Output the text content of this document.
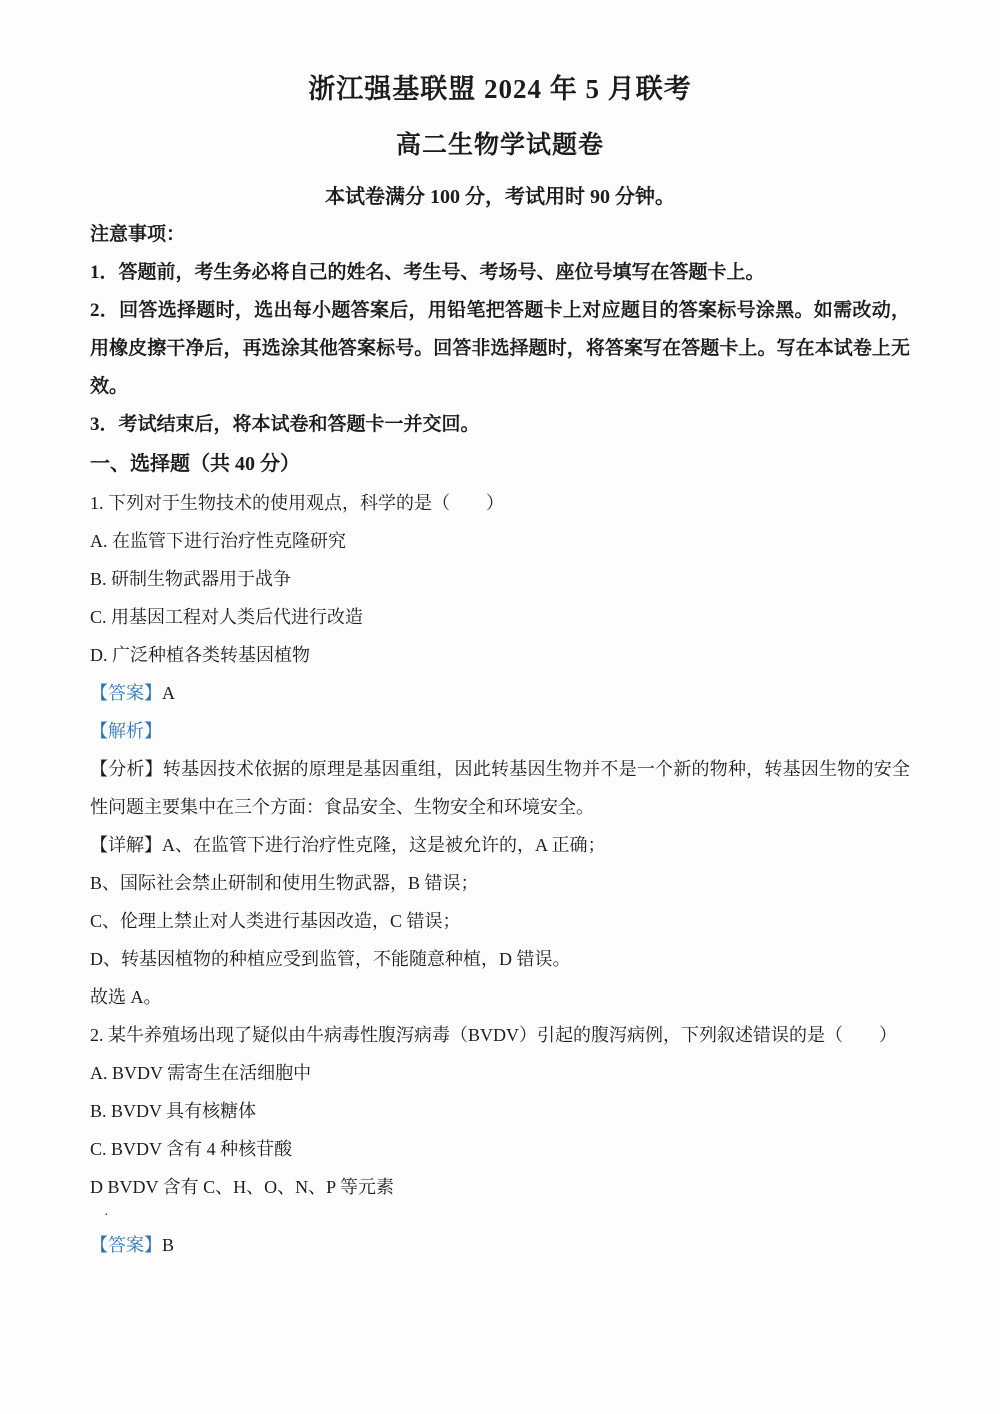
浙江强基联盟 2024 年 5 月联考
高二生物学试题卷

本试卷满分 100 分，考试用时 90 分钟。

注意事项：

1．答题前，考生务必将自己的姓名、考生号、考场号、座位号填写在答题卡上。

2．回答选择题时，选出每小题答案后，用铅笔把答题卡上对应题目的答案标号涂黑。如需改动，用橡皮擦干净后，再选涂其他答案标号。回答非选择题时，将答案写在答题卡上。写在本试卷上无效。

3．考试结束后，将本试卷和答题卡一并交回。

一、选择题（共 40 分）

1. 下列对于生物技术的使用观点，科学的是（　　）

A. 在监管下进行治疗性克隆研究

B. 研制生物武器用于战争

C. 用基因工程对人类后代进行改造

D. 广泛种植各类转基因植物

【答案】A

【解析】

【分析】转基因技术依据的原理是基因重组，因此转基因生物并不是一个新的物种，转基因生物的安全性问题主要集中在三个方面：食品安全、生物安全和环境安全。

【详解】A、在监管下进行治疗性克隆，这是被允许的，A 正确；

B、国际社会禁止研制和使用生物武器，B 错误；

C、伦理上禁止对人类进行基因改造，C 错误；

D、转基因植物的种植应受到监管，不能随意种植，D 错误。

故选 A。

2. 某牛养殖场出现了疑似由牛病毒性腹泻病毒（BVDV）引起的腹泻病例，下列叙述错误的是（　　）

A. BVDV 需寄生在活细胞中

B. BVDV 具有核糖体

C. BVDV 含有 4 种核苷酸

D BVDV 含有 C、H、O、N、P 等元素

·

【答案】B
